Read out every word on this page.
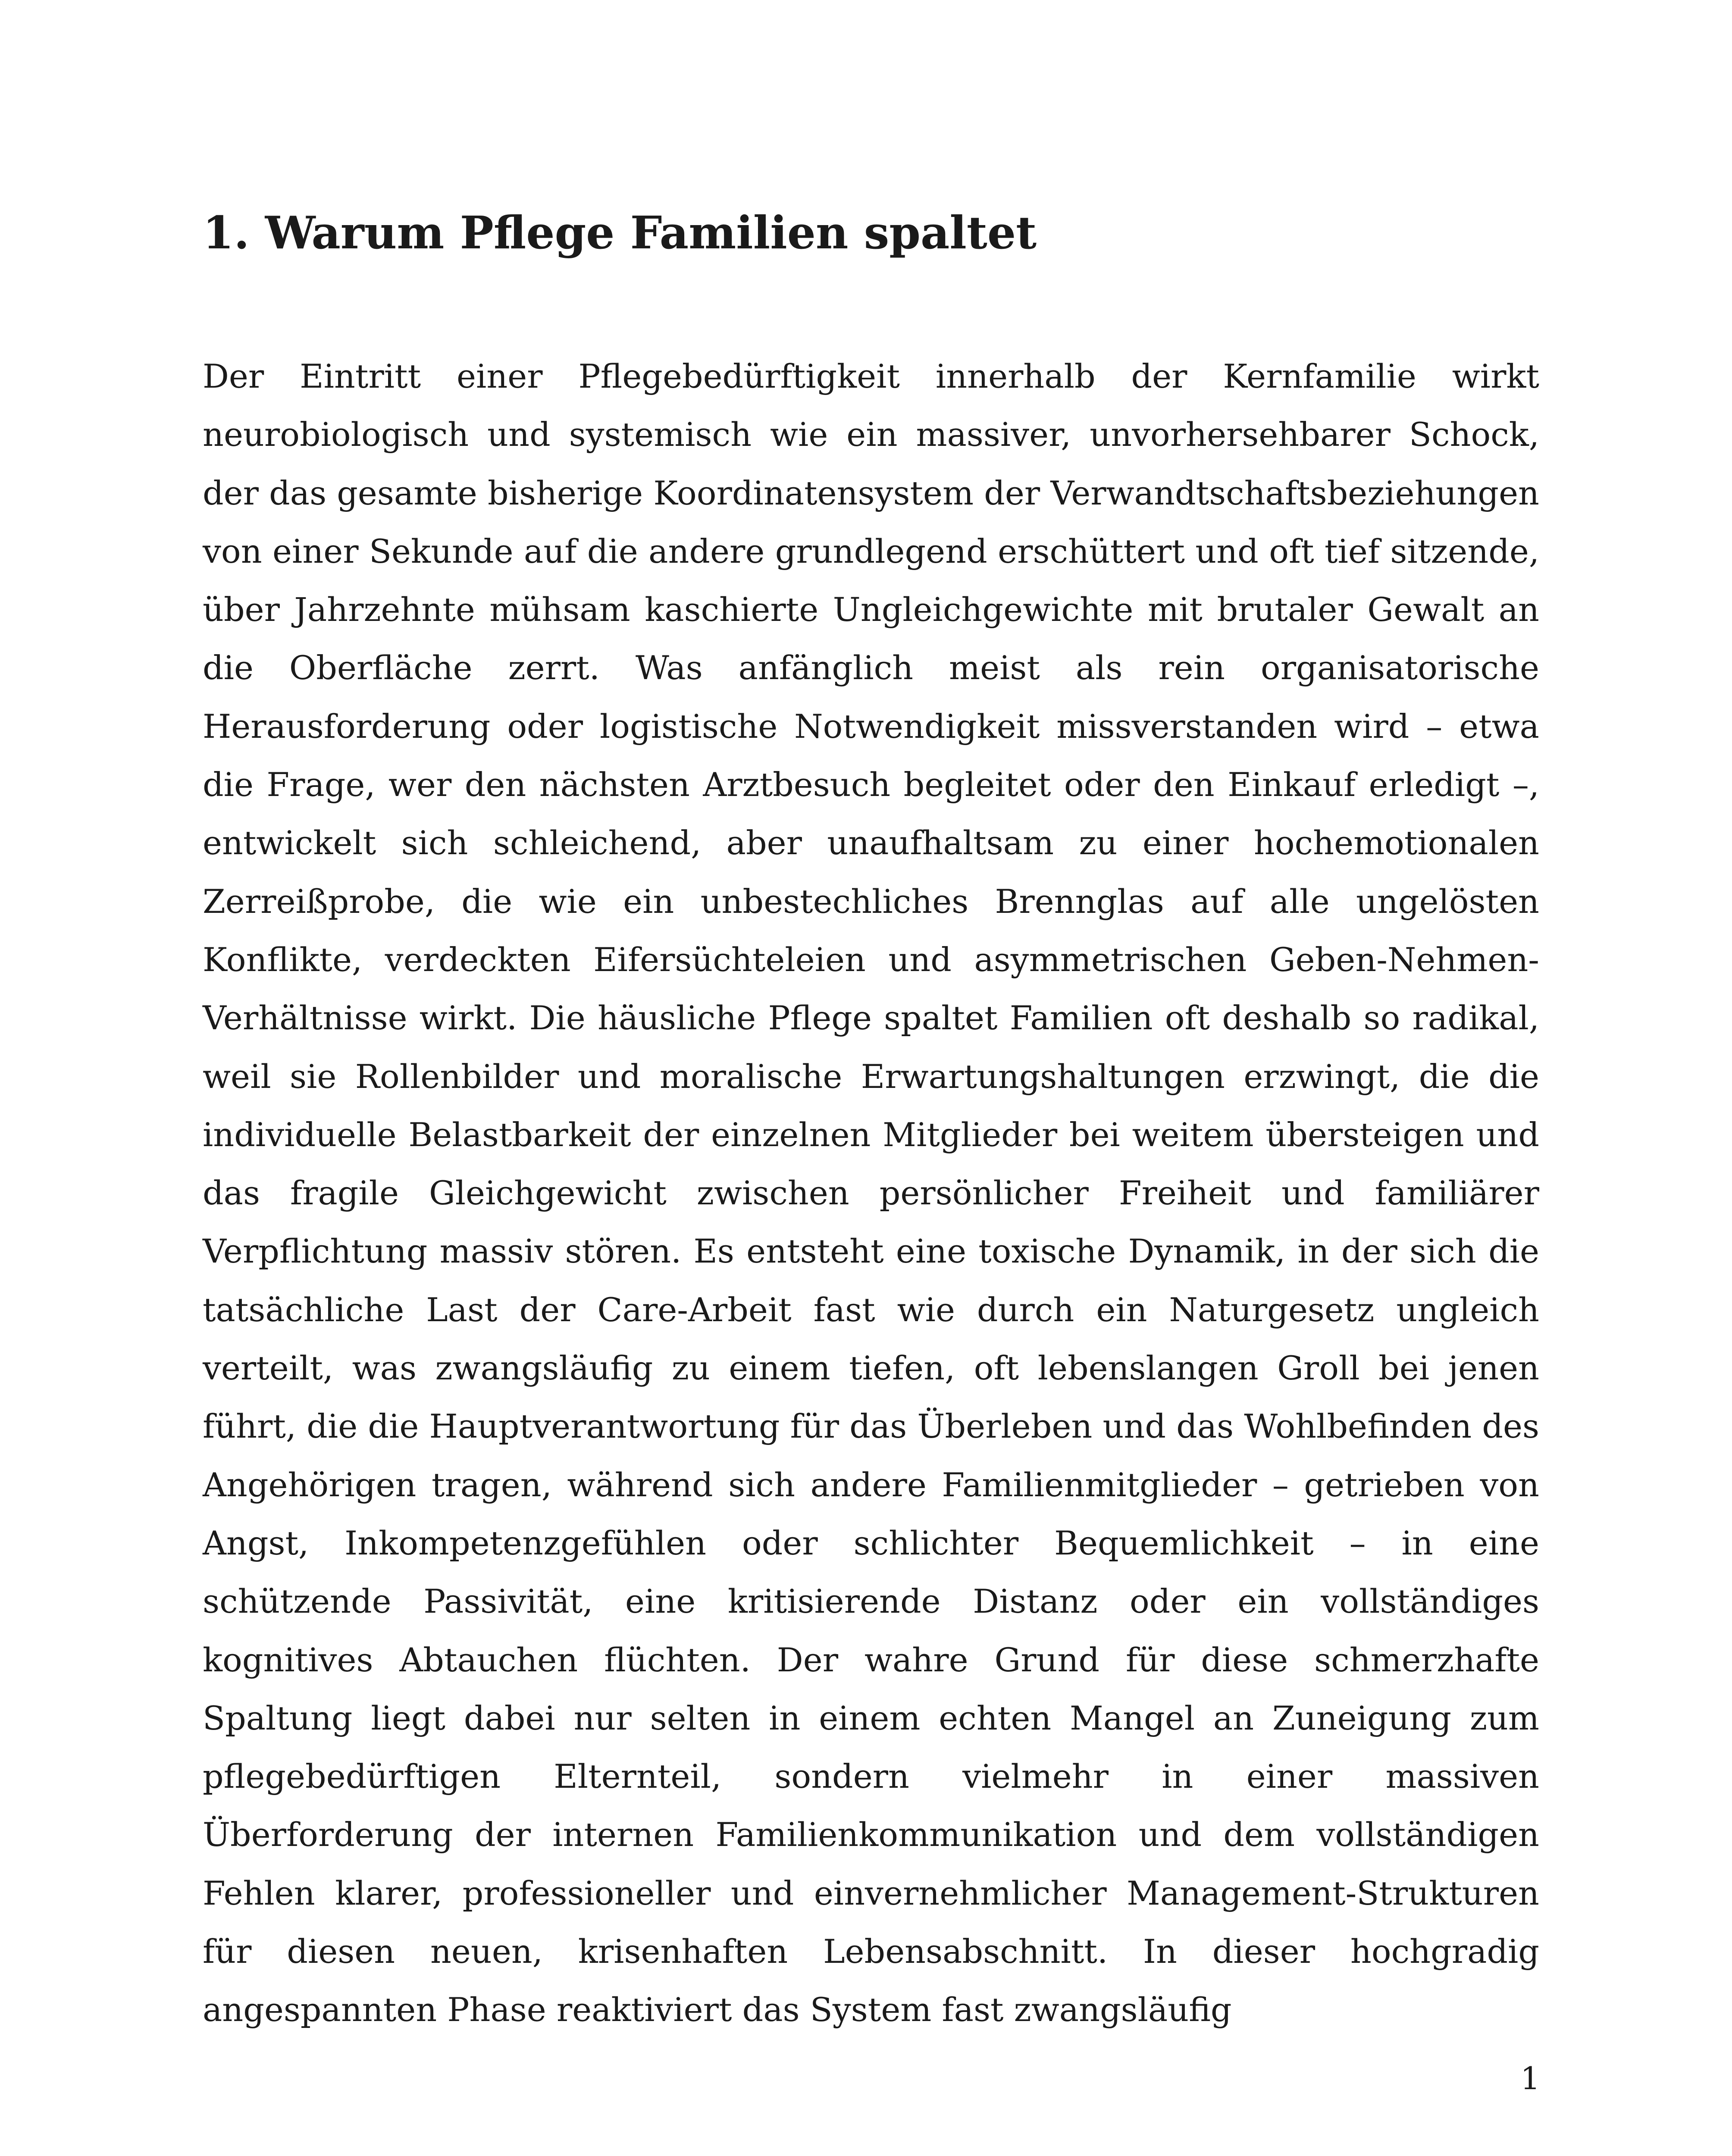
1. Warum Pflege Familien spaltet

Der Eintritt einer Pflegebedürftigkeit innerhalb der Kernfamilie wirkt neurobiologisch und systemisch wie ein massiver, unvorhersehbarer Schock, der das gesamte bisherige Koordinatensystem der Verwandtschaftsbeziehungen von einer Sekunde auf die andere grundlegend erschüttert und oft tief sitzende, über Jahrzehnte mühsam kaschierte Ungleichgewichte mit brutaler Gewalt an die Oberfläche zerrt. Was anfänglich meist als rein organisatorische Herausforderung oder logistische Notwendigkeit missverstanden wird – etwa die Frage, wer den nächsten Arztbesuch begleitet oder den Einkauf erledigt –, entwickelt sich schleichend, aber unaufhaltsam zu einer hochemotionalen Zerreißprobe, die wie ein unbestechliches Brennglas auf alle ungelösten Konflikte, verdeckten Eifersüchteleien und asymmetrischen Geben-Nehmen-Verhältnisse wirkt. Die häusliche Pflege spaltet Familien oft deshalb so radikal, weil sie Rollenbilder und moralische Erwartungshaltungen erzwingt, die die individuelle Belastbarkeit der einzelnen Mitglieder bei weitem übersteigen und das fragile Gleichgewicht zwischen persönlicher Freiheit und familiärer Verpflichtung massiv stören. Es entsteht eine toxische Dynamik, in der sich die tatsächliche Last der Care-Arbeit fast wie durch ein Naturgesetz ungleich verteilt, was zwangsläufig zu einem tiefen, oft lebenslangen Groll bei jenen führt, die die Hauptverantwortung für das Überleben und das Wohlbefinden des Angehörigen tragen, während sich andere Familienmitglieder – getrieben von Angst, Inkompetenzgefühlen oder schlichter Bequemlichkeit – in eine schützende Passivität, eine kritisierende Distanz oder ein vollständiges kognitives Abtauchen flüchten. Der wahre Grund für diese schmerzhafte Spaltung liegt dabei nur selten in einem echten Mangel an Zuneigung zum pflegebedürftigen Elternteil, sondern vielmehr in einer massiven Überforderung der internen Familienkommunikation und dem vollständigen Fehlen klarer, professioneller und einvernehmlicher Management-Strukturen für diesen neuen, krisenhaften Lebensabschnitt. In dieser hochgradig angespannten Phase reaktiviert das System fast zwangsläufig

1
